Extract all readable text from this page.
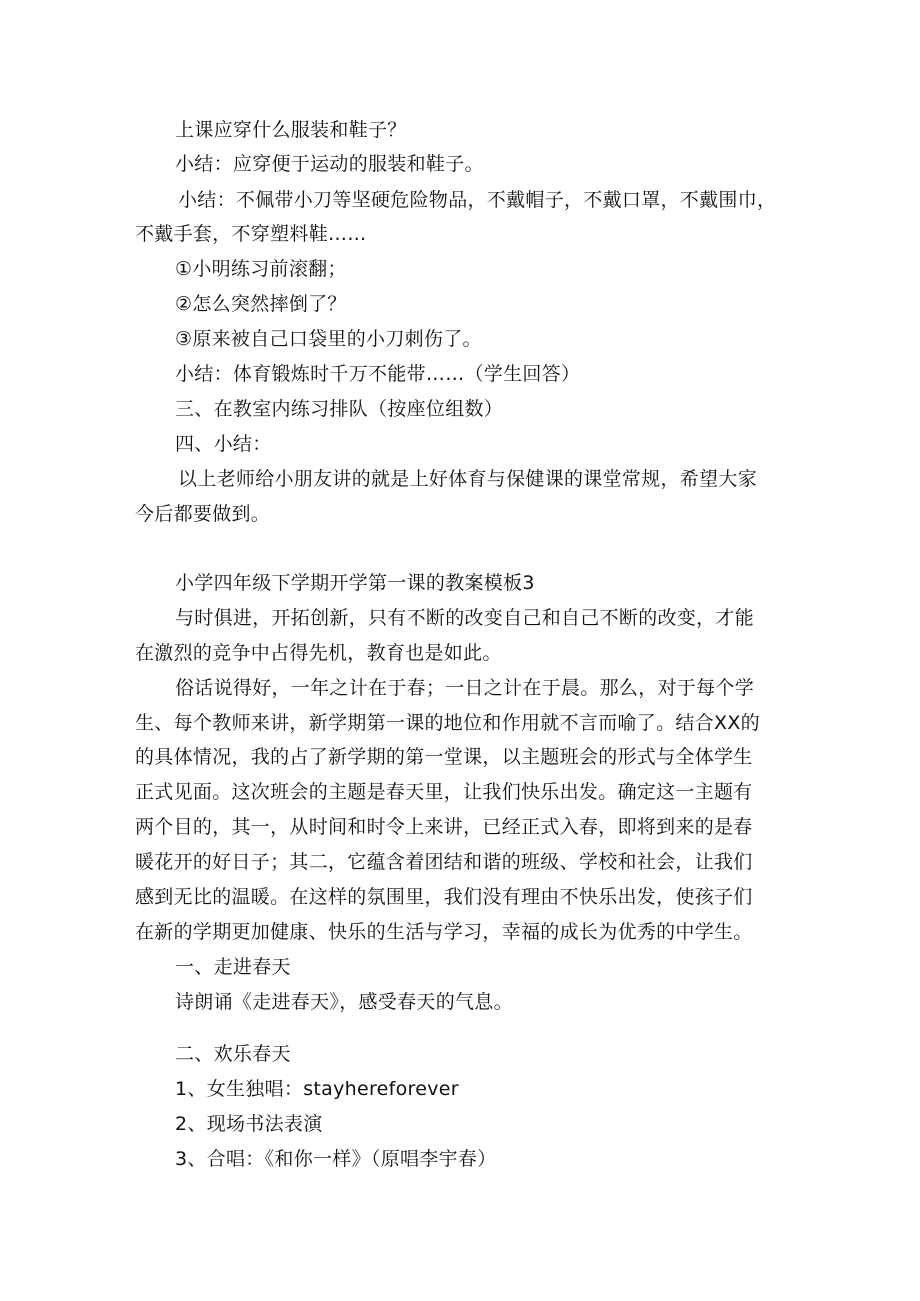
上课应穿什么服装和鞋子？
小结：应穿便于运动的服装和鞋子。
小结：不佩带小刀等坚硬危险物品，不戴帽子，不戴口罩，不戴围巾，
不戴手套，不穿塑料鞋……
①小明练习前滚翻；
②怎么突然摔倒了？
③原来被自己口袋里的小刀刺伤了。
小结：体育锻炼时千万不能带……（学生回答）
三、在教室内练习排队（按座位组数）
四、小结：
以上老师给小朋友讲的就是上好体育与保健课的课堂常规，希望大家
今后都要做到。
小学四年级下学期开学第一课的教案模板3
与时俱进，开拓创新，只有不断的改变自己和自己不断的改变，才能
在激烈的竞争中占得先机，教育也是如此。
俗话说得好，一年之计在于春；一日之计在于晨。那么，对于每个学
生、每个教师来讲，新学期第一课的地位和作用就不言而喻了。结合XX的
的具体情况，我的占了新学期的第一堂课，以主题班会的形式与全体学生
正式见面。这次班会的主题是春天里，让我们快乐出发。确定这一主题有
两个目的，其一，从时间和时令上来讲，已经正式入春，即将到来的是春
暖花开的好日子；其二，它蕴含着团结和谐的班级、学校和社会，让我们
感到无比的温暖。在这样的氛围里，我们没有理由不快乐出发，使孩子们
在新的学期更加健康、快乐的生活与学习，幸福的成长为优秀的中学生。
一、走进春天
诗朗诵《走进春天》，感受春天的气息。
二、欢乐春天
1、女生独唱：stayhereforever
2、现场书法表演
3、合唱：《和你一样》（原唱李宇春）
